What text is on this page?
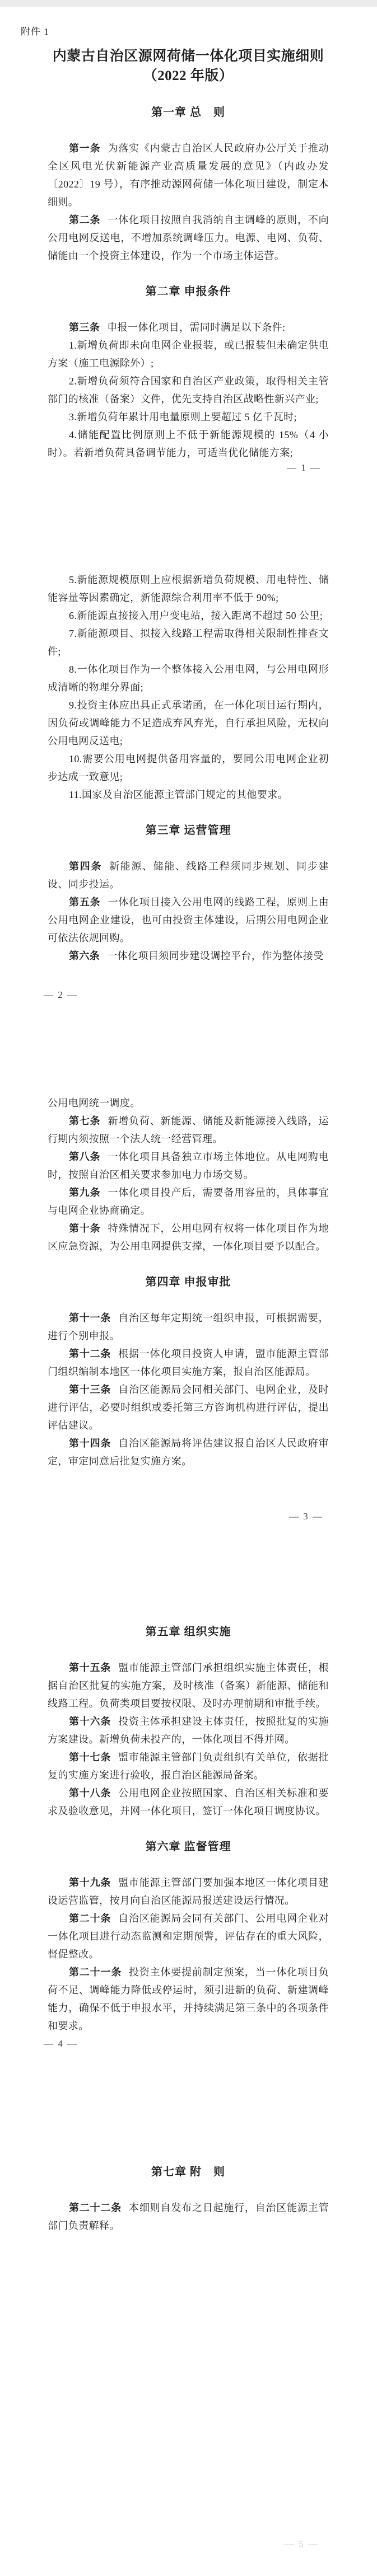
附件 1
内蒙古自治区源网荷储一体化项目实施细则
（2022 年版）
第一章 总　则
第一条 为落实《内蒙古自治区人民政府办公厅关于推动全区风电光伏新能源产业高质量发展的意见》（内政办发〔2022〕19 号），有序推动源网荷储一体化项目建设，制定本细则。
第二条 一体化项目按照自我消纳自主调峰的原则，不向公用电网反送电，不增加系统调峰压力。电源、电网、负荷、储能由一个投资主体建设，作为一个市场主体运营。
第二章 申报条件
第三条 申报一体化项目，需同时满足以下条件:
1.新增负荷即未向电网企业报装，或已报装但未确定供电方案（施工电源除外）;
2.新增负荷须符合国家和自治区产业政策，取得相关主管部门的核准（备案）文件，优先支持自治区战略性新兴产业;
3.新增负荷年累计用电量原则上要超过 5 亿千瓦时;
4.储能配置比例原则上不低于新能源规模的 15%（4 小时）。若新增负荷具备调节能力，可适当优化储能方案;
— 1 —
5.新能源规模原则上应根据新增负荷规模、用电特性、储能容量等因素确定，新能源综合利用率不低于 90%;
6.新能源直接接入用户变电站，接入距离不超过 50 公里;
7.新能源项目、拟接入线路工程需取得相关限制性排查文件;
8.一体化项目作为一个整体接入公用电网，与公用电网形成清晰的物理分界面;
9.投资主体应出具正式承诺函，在一体化项目运行期内，因负荷或调峰能力不足造成弃风弃光，自行承担风险，无权向公用电网反送电;
10.需要公用电网提供备用容量的，要同公用电网企业初步达成一致意见;
11.国家及自治区能源主管部门规定的其他要求。
第三章 运营管理
第四条 新能源、储能、线路工程须同步规划、同步建设、同步投运。
第五条 一体化项目接入公用电网的线路工程，原则上由公用电网企业建设，也可由投资主体建设，后期公用电网企业可依法依规回购。
第六条 一体化项目须同步建设调控平台，作为整体接受
— 2 —
公用电网统一调度。
第七条 新增负荷、新能源、储能及新能源接入线路，运行期内须按照一个法人统一经营管理。
第八条 一体化项目具备独立市场主体地位。从电网购电时，按照自治区相关要求参加电力市场交易。
第九条 一体化项目投产后，需要备用容量的，具体事宜与电网企业协商确定。
第十条 特殊情况下，公用电网有权将一体化项目作为地区应急资源，为公用电网提供支撑，一体化项目要予以配合。
第四章 申报审批
第十一条 自治区每年定期统一组织申报，可根据需要，进行个别申报。
第十二条 根据一体化项目投资人申请，盟市能源主管部门组织编制本地区一体化项目实施方案，报自治区能源局。
第十三条 自治区能源局会同相关部门、电网企业，及时进行评估，必要时组织或委托第三方咨询机构进行评估，提出评估建议。
第十四条 自治区能源局将评估建议报自治区人民政府审定，审定同意后批复实施方案。
— 3 —
第五章 组织实施
第十五条 盟市能源主管部门承担组织实施主体责任，根据自治区批复的实施方案，及时核准（备案）新能源、储能和线路工程。负荷类项目要按权限、及时办理前期和审批手续。
第十六条 投资主体承担建设主体责任，按照批复的实施方案建设。新增负荷未投产的，一体化项目不得并网。
第十七条 盟市能源主管部门负责组织有关单位，依据批复的实施方案进行验收，报自治区能源局备案。
第十八条 公用电网企业按照国家、自治区相关标准和要求及验收意见，并网一体化项目，签订一体化项目调度协议。
第六章 监督管理
第十九条 盟市能源主管部门要加强本地区一体化项目建设运营监管，按月向自治区能源局报送建设运行情况。
第二十条 自治区能源局会同有关部门、公用电网企业对一体化项目进行动态监测和定期预警，评估存在的重大风险，督促整改。
第二十一条 投资主体要提前制定预案，当一体化项目负荷不足、调峰能力降低或停运时，须引进新的负荷、新建调峰能力，确保不低于申报水平，并持续满足第三条中的各项条件和要求。
— 4 —
第七章 附　则
第二十二条 本细则自发布之日起施行，自治区能源主管部门负责解释。
— 5 —
